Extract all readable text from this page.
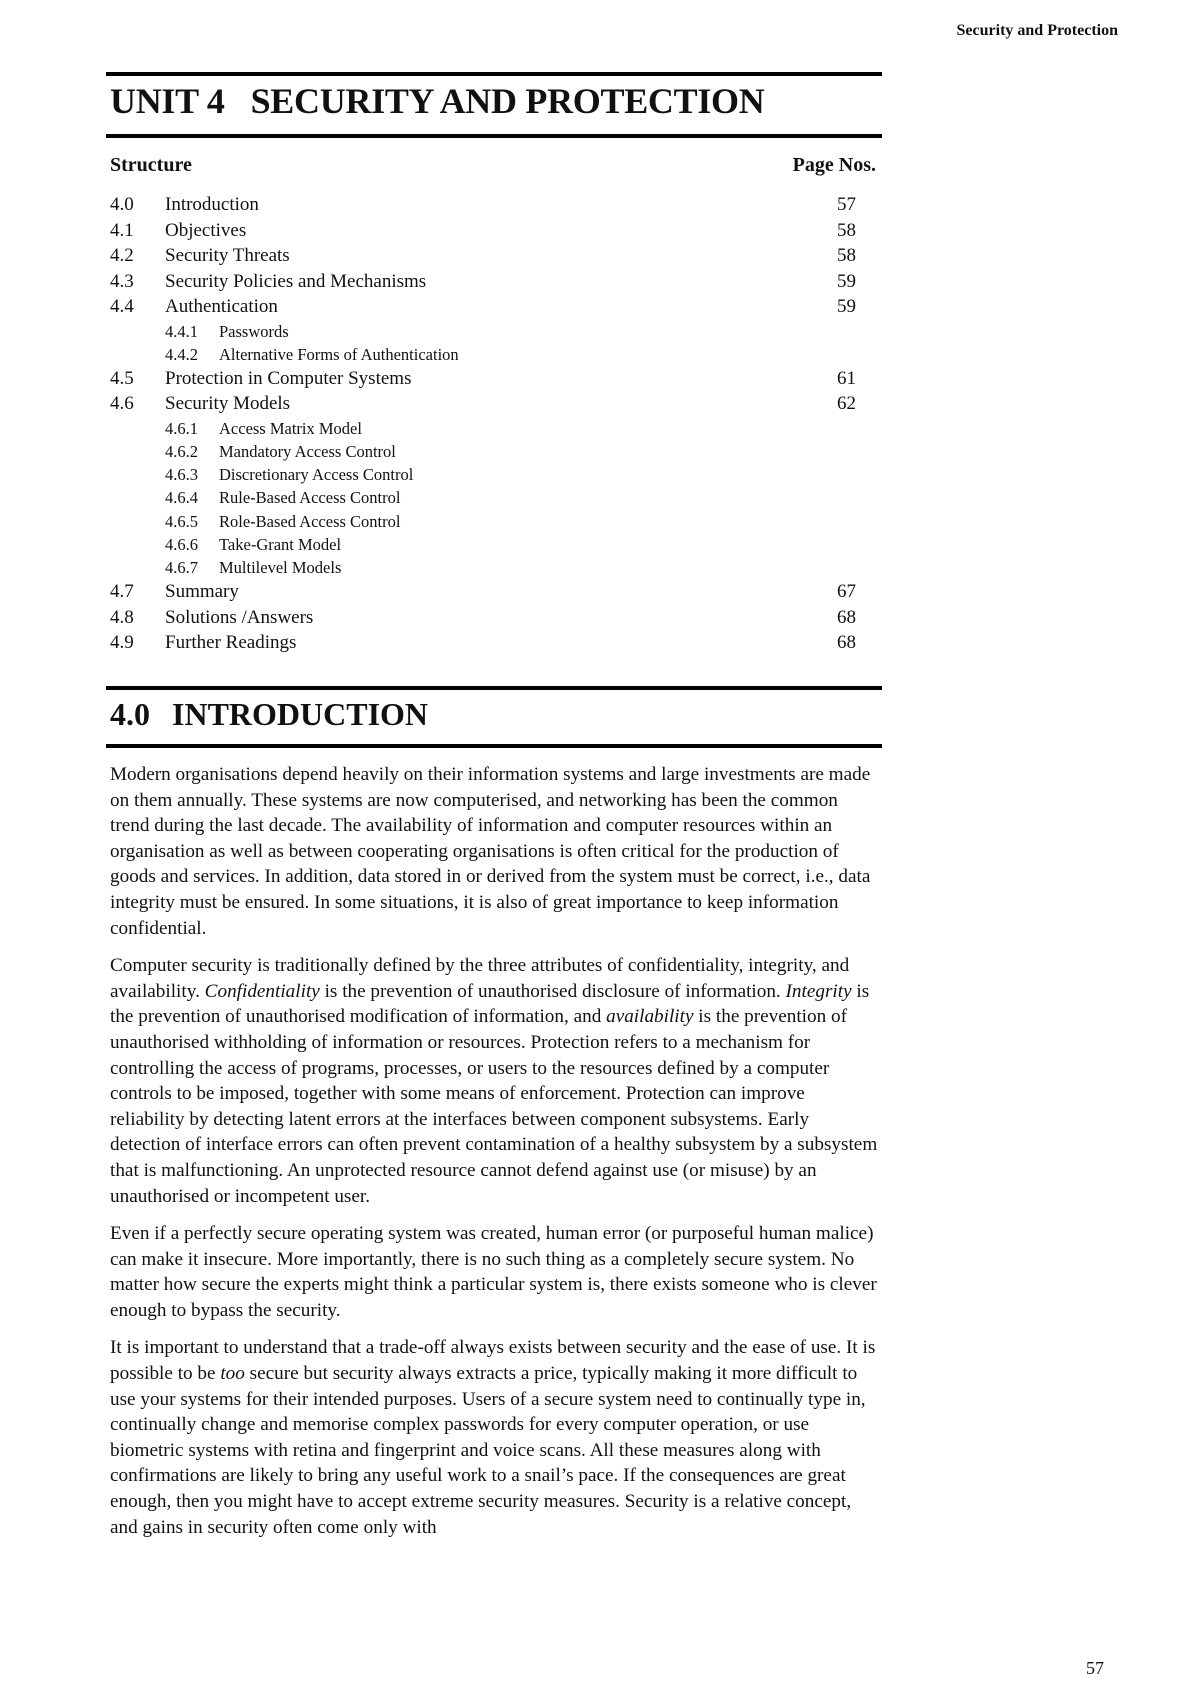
Security and Protection
UNIT 4 SECURITY AND PROTECTION
Structure	Page Nos.
4.0 Introduction	57
4.1 Objectives	58
4.2 Security Threats	58
4.3 Security Policies and Mechanisms	59
4.4 Authentication	59
4.4.1 Passwords
4.4.2 Alternative Forms of Authentication
4.5 Protection in Computer Systems	61
4.6 Security Models	62
4.6.1 Access Matrix Model
4.6.2 Mandatory Access Control
4.6.3 Discretionary Access Control
4.6.4 Rule-Based Access Control
4.6.5 Role-Based Access Control
4.6.6 Take-Grant Model
4.6.7 Multilevel Models
4.7 Summary	67
4.8 Solutions /Answers	68
4.9 Further Readings	68
4.0 INTRODUCTION

Modern organisations depend heavily on their information systems and large investments are made on them annually. These systems are now computerised, and networking has been the common trend during the last decade. The availability of information and computer resources within an organisation as well as between cooperating organisations is often critical for the production of goods and services. In addition, data stored in or derived from the system must be correct, i.e., data integrity must be ensured. In some situations, it is also of great importance to keep information confidential.

Computer security is traditionally defined by the three attributes of confidentiality, integrity, and availability. Confidentiality is the prevention of unauthorised disclosure of information. Integrity is the prevention of unauthorised modification of information, and availability is the prevention of unauthorised withholding of information or resources. Protection refers to a mechanism for controlling the access of programs, processes, or users to the resources defined by a computer controls to be imposed, together with some means of enforcement. Protection can improve reliability by detecting latent errors at the interfaces between component subsystems. Early detection of interface errors can often prevent contamination of a healthy subsystem by a subsystem that is malfunctioning. An unprotected resource cannot defend against use (or misuse) by an unauthorised or incompetent user.

Even if a perfectly secure operating system was created, human error (or purposeful human malice) can make it insecure. More importantly, there is no such thing as a completely secure system. No matter how secure the experts might think a particular system is, there exists someone who is clever enough to bypass the security.

It is important to understand that a trade-off always exists between security and the ease of use. It is possible to be too secure but security always extracts a price, typically making it more difficult to use your systems for their intended purposes. Users of a secure system need to continually type in, continually change and memorise complex passwords for every computer operation, or use biometric systems with retina and fingerprint and voice scans. All these measures along with confirmations are likely to bring any useful work to a snail’s pace. If the consequences are great enough, then you might have to accept extreme security measures. Security is a relative concept, and gains in security often come only with

57
